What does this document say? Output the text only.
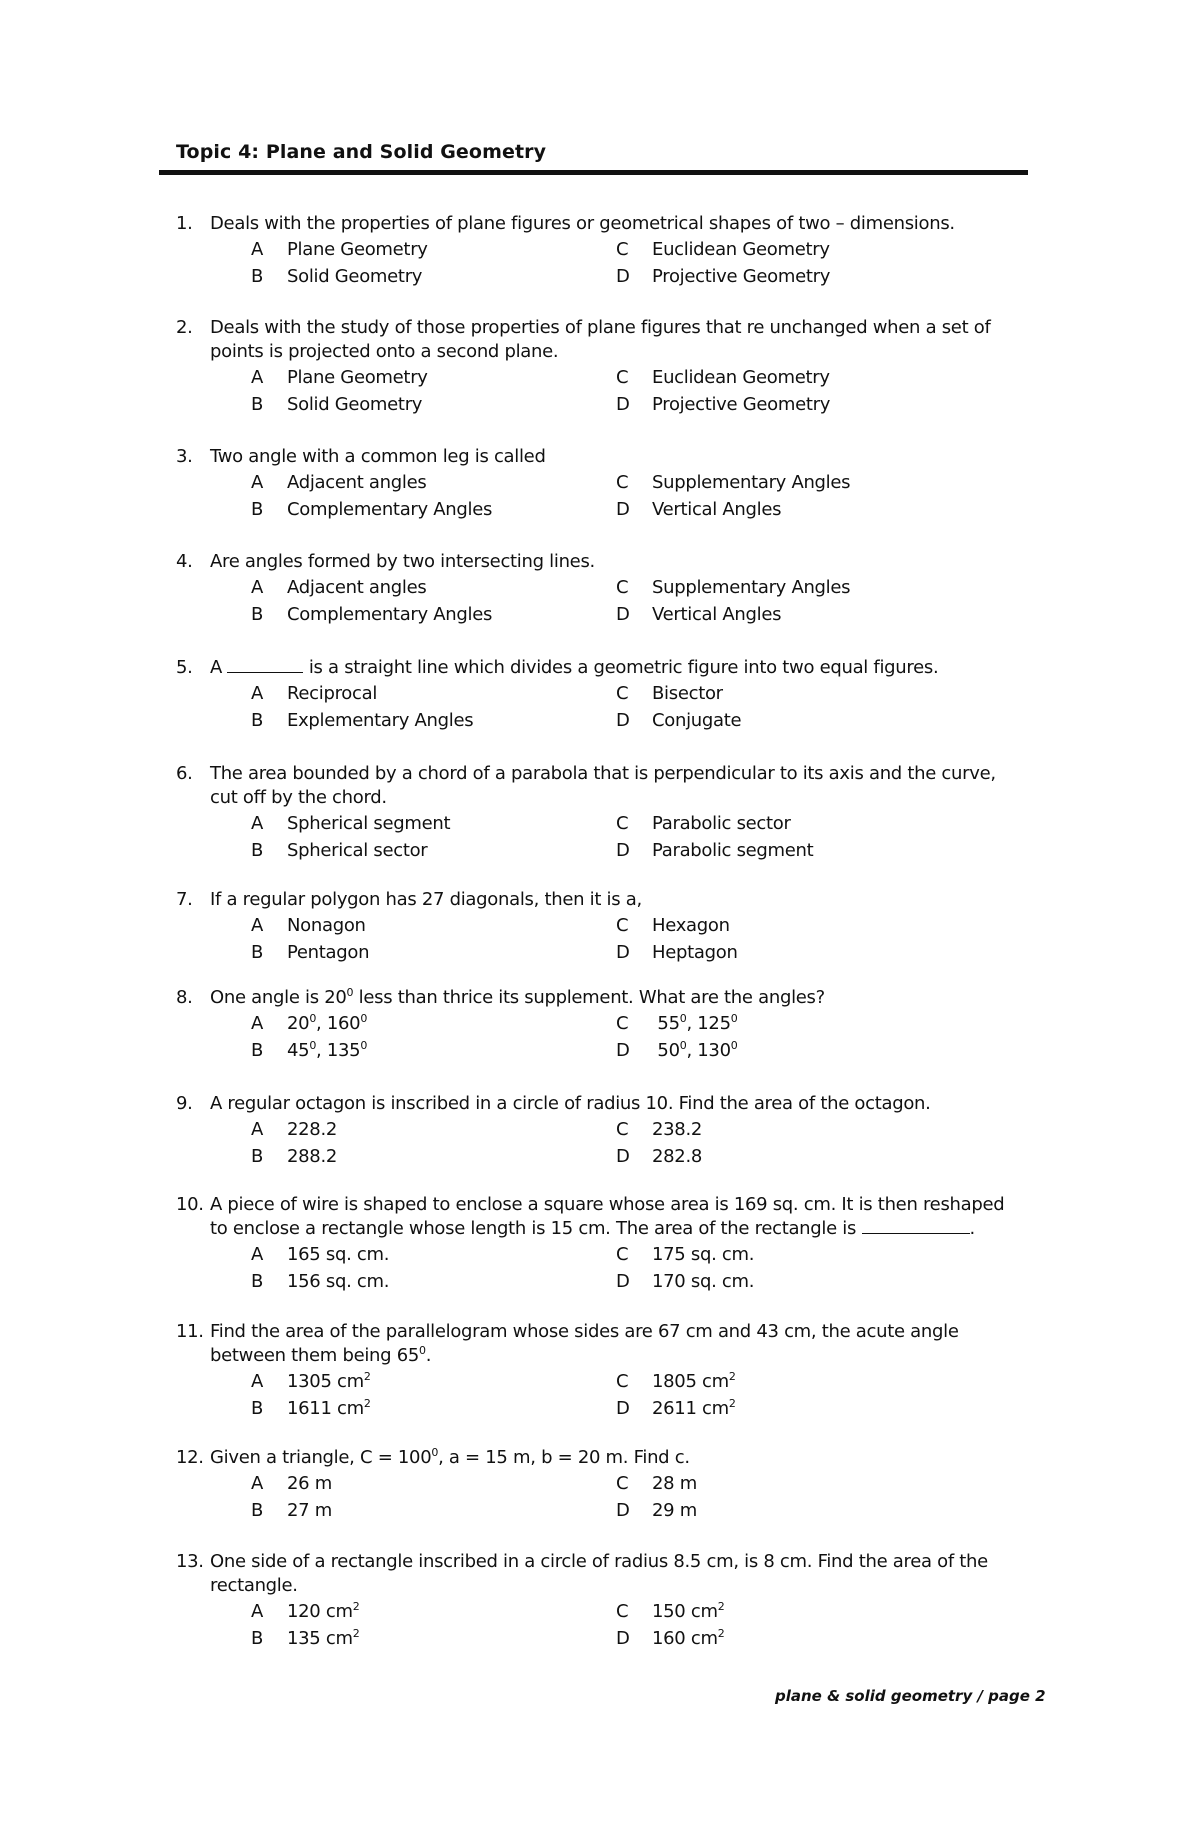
Topic 4: Plane and Solid Geometry
1. Deals with the properties of plane figures or geometrical shapes of two – dimensions.
A Plane Geometry
B Solid Geometry
C Euclidean Geometry
D Projective Geometry
2. Deals with the study of those properties of plane figures that re unchanged when a set of points is projected onto a second plane.
A Plane Geometry
B Solid Geometry
C Euclidean Geometry
D Projective Geometry
3. Two angle with a common leg is called
A Adjacent angles
B Complementary Angles
C Supplementary Angles
D Vertical Angles
4. Are angles formed by two intersecting lines.
A Adjacent angles
B Complementary Angles
C Supplementary Angles
D Vertical Angles
5. A	is a straight line which divides a geometric figure into two equal figures.
A Reciprocal
B Explementary Angles
C Bisector
D Conjugate
6. The area bounded by a chord of a parabola that is perpendicular to its axis and the curve, cut off by the chord.
A Spherical segment
B Spherical sector
C Parabolic sector
D Parabolic segment
7. If a regular polygon has 27 diagonals, then it is a,
A Nonagon
B Pentagon
C Hexagon
D Heptagon
8. One angle is $20^0$ less than thrice its supplement. What are the angles?
A $20^0$, $160^0$
B $45^0$, $135^0$
C $55^0$, $125^0$
D $50^0$, $130^0$
9. A regular octagon is inscribed in a circle of radius 10. Find the area of the octagon.
A 228.2
B 288.2
C 238.2
D 282.8
10. A piece of wire is shaped to enclose a square whose area is 169 sq. cm. It is then reshaped to enclose a rectangle whose length is 15 cm. The area of the rectangle is	.
A 165 sq. cm.
B 156 sq. cm.
C 175 sq. cm.
D 170 sq. cm.
11. Find the area of the parallelogram whose sides are 67 cm and 43 cm, the acute angle between them being $65^0$.
A 1305 $cm^2$
B 1611 $cm^2$
C 1805 $cm^2$
D 2611 $cm^2$
12. Given a triangle, $C = 100^0$, a = 15 m, b = 20 m. Find c.
A 26 m
B 27 m
C 28 m
D 29 m
13. One side of a rectangle inscribed in a circle of radius 8.5 cm, is 8 cm. Find the area of the rectangle.
A 120 $cm^2$
B 135 $cm^2$
C 150 $cm^2$
D 160 $cm^2$
plane & solid geometry / page 2
